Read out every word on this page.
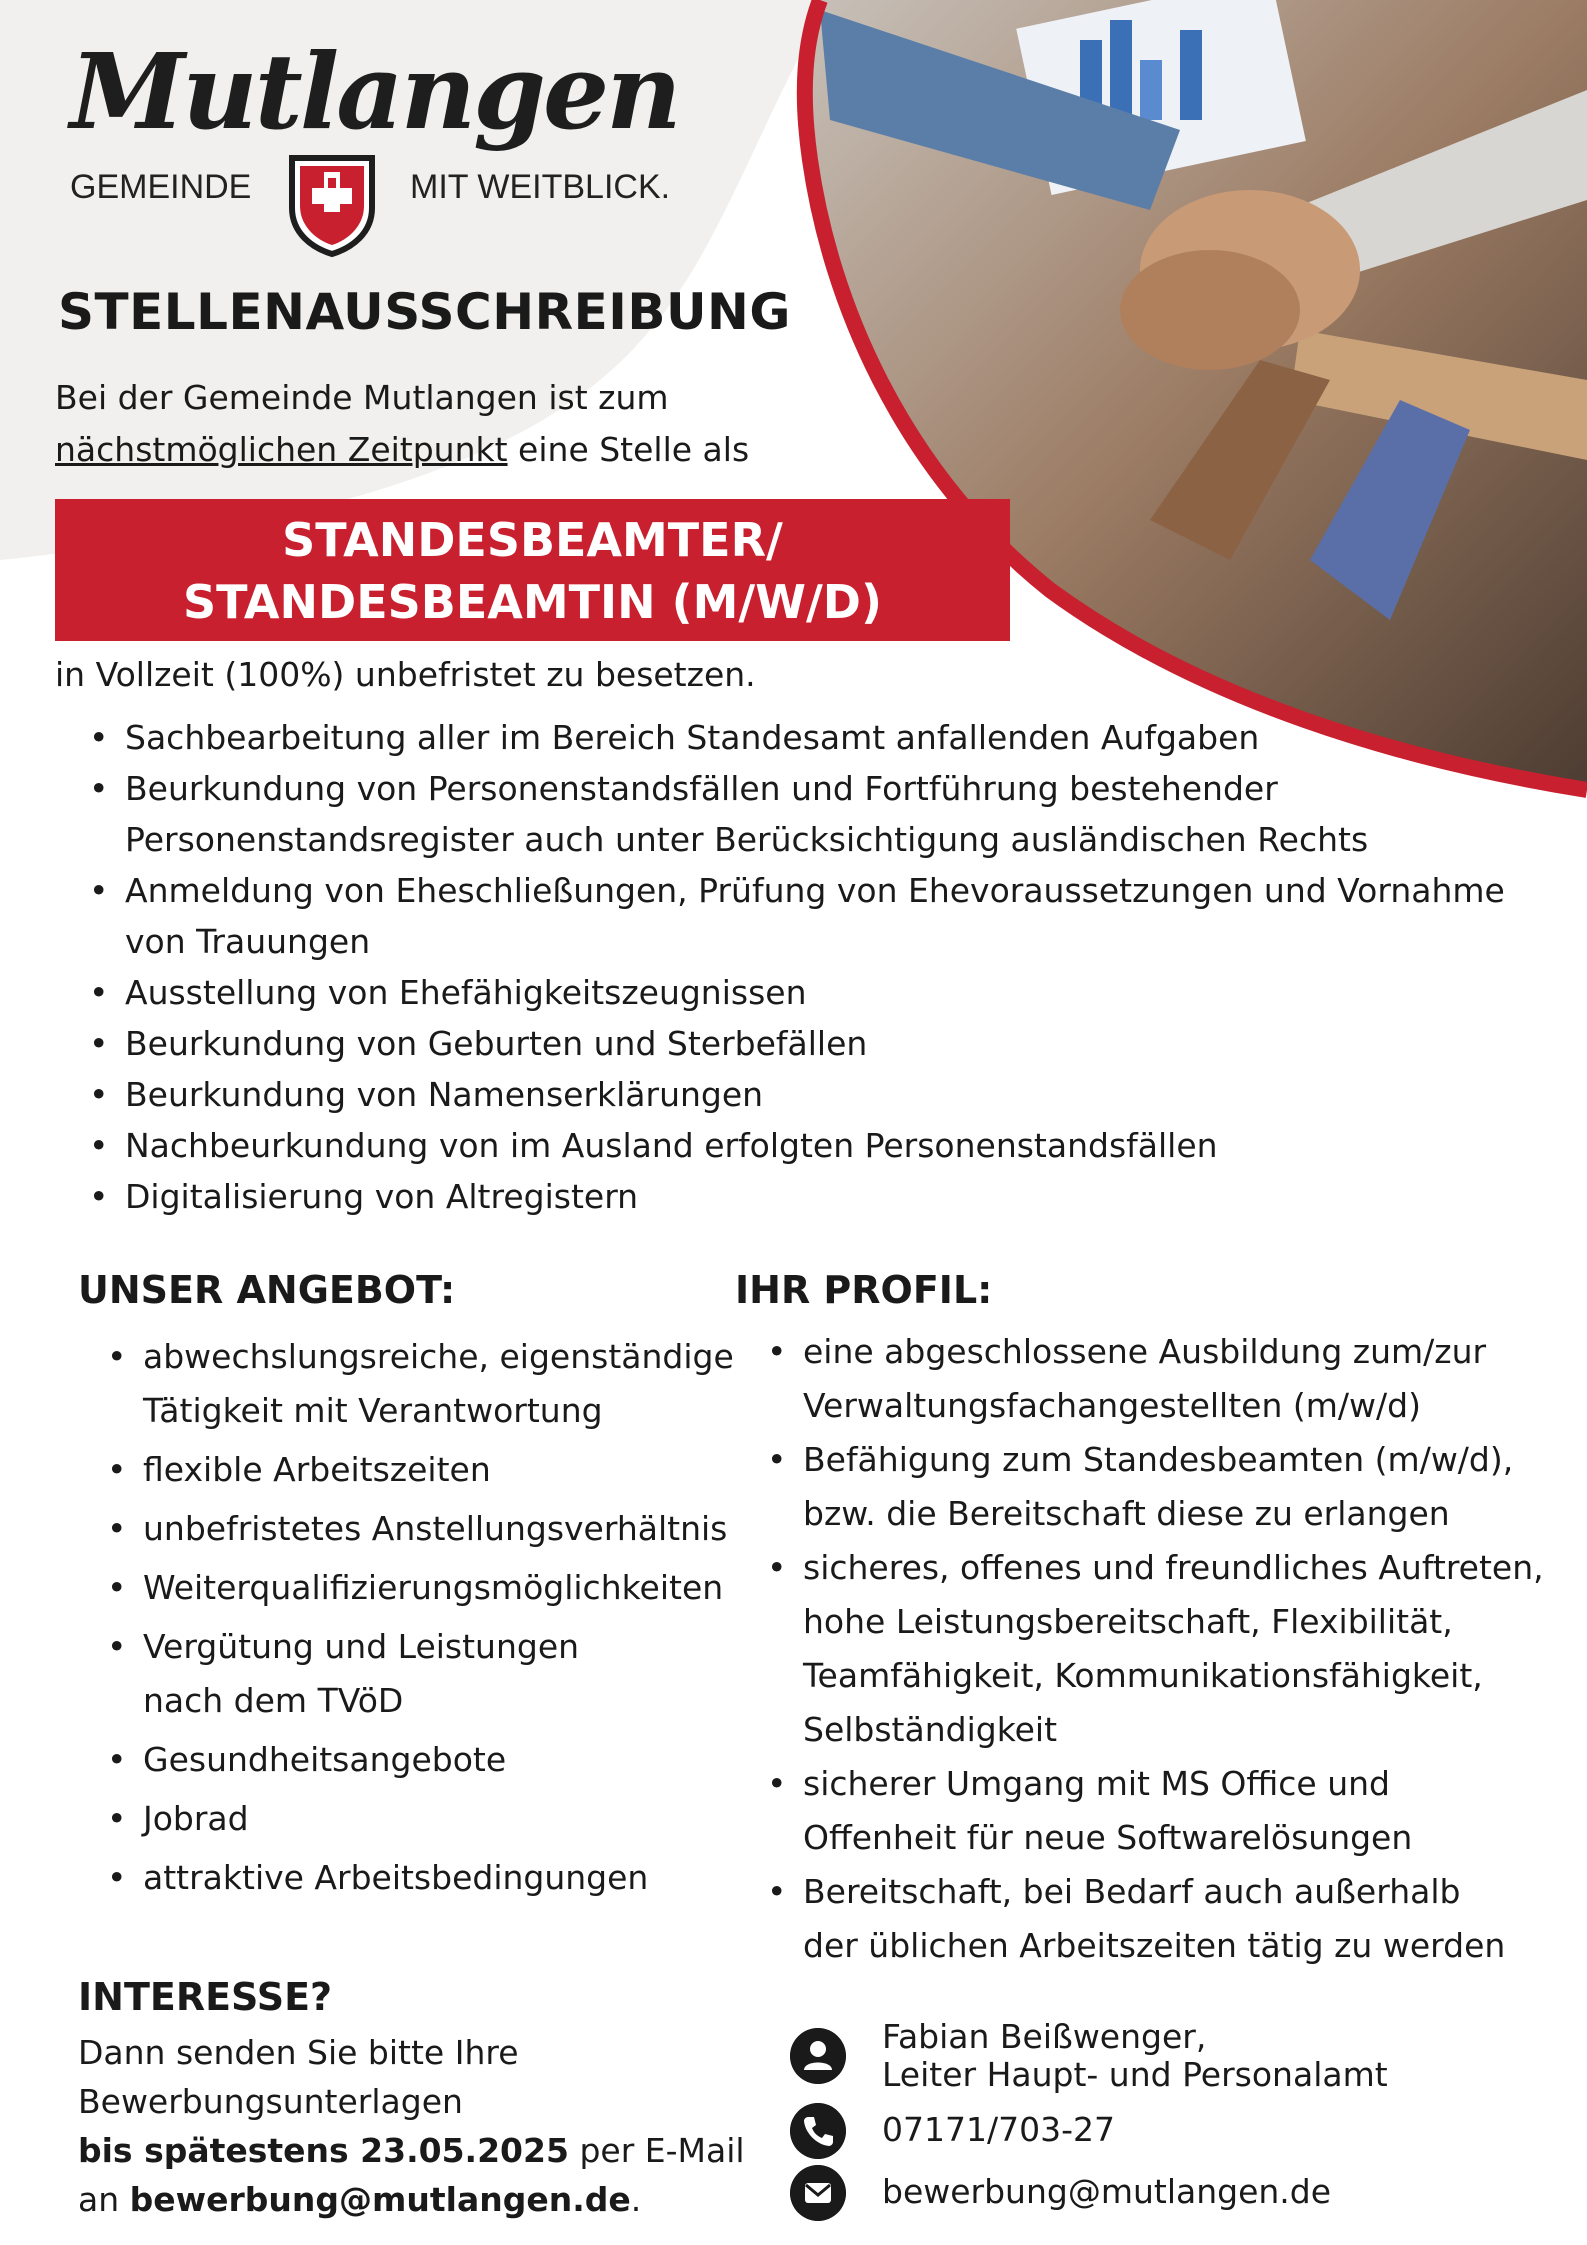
Mutlangen
GEMEINDE	MIT WEITBLICK.
STELLENAUSSCHREIBUNG
Bei der Gemeinde Mutlangen ist zum
nächstmöglichen Zeitpunkt eine Stelle als
STANDESBEAMTER/
STANDESBEAMTIN (M/W/D)
in Vollzeit (100%) unbefristet zu besetzen.
• Sachbearbeitung aller im Bereich Standesamt anfallenden Aufgaben
• Beurkundung von Personenstandsfällen und Fortführung bestehender Personenstandsregister auch unter Berücksichtigung ausländischen Rechts
• Anmeldung von Eheschließungen, Prüfung von Ehevoraussetzungen und Vornahme von Trauungen
• Ausstellung von Ehefähigkeitszeugnissen
• Beurkundung von Geburten und Sterbefällen
• Beurkundung von Namenserklärungen
• Nachbeurkundung von im Ausland erfolgten Personenstandsfällen
• Digitalisierung von Altregistern
UNSER ANGEBOT:
• abwechslungsreiche, eigenständige Tätigkeit mit Verantwortung
• flexible Arbeitszeiten
• unbefristetes Anstellungsverhältnis
• Weiterqualifizierungsmöglichkeiten
• Vergütung und Leistungen nach dem TVöD
• Gesundheitsangebote
• Jobrad
• attraktive Arbeitsbedingungen
IHR PROFIL:
• eine abgeschlossene Ausbildung zum/zur Verwaltungsfachangestellten (m/w/d)
• Befähigung zum Standesbeamten (m/w/d), bzw. die Bereitschaft diese zu erlangen
• sicheres, offenes und freundliches Auftreten, hohe Leistungsbereitschaft, Flexibilität, Teamfähigkeit, Kommunikationsfähigkeit, Selbständigkeit
• sicherer Umgang mit MS Office und Offenheit für neue Softwarelösungen
• Bereitschaft, bei Bedarf auch außerhalb der üblichen Arbeitszeiten tätig zu werden
INTERESSE?
Dann senden Sie bitte Ihre Bewerbungsunterlagen
bis spätestens 23.05.2025 per E-Mail an bewerbung@mutlangen.de.
Fabian Beißwenger,
Leiter Haupt- und Personalamt
07171/703-27
bewerbung@mutlangen.de
